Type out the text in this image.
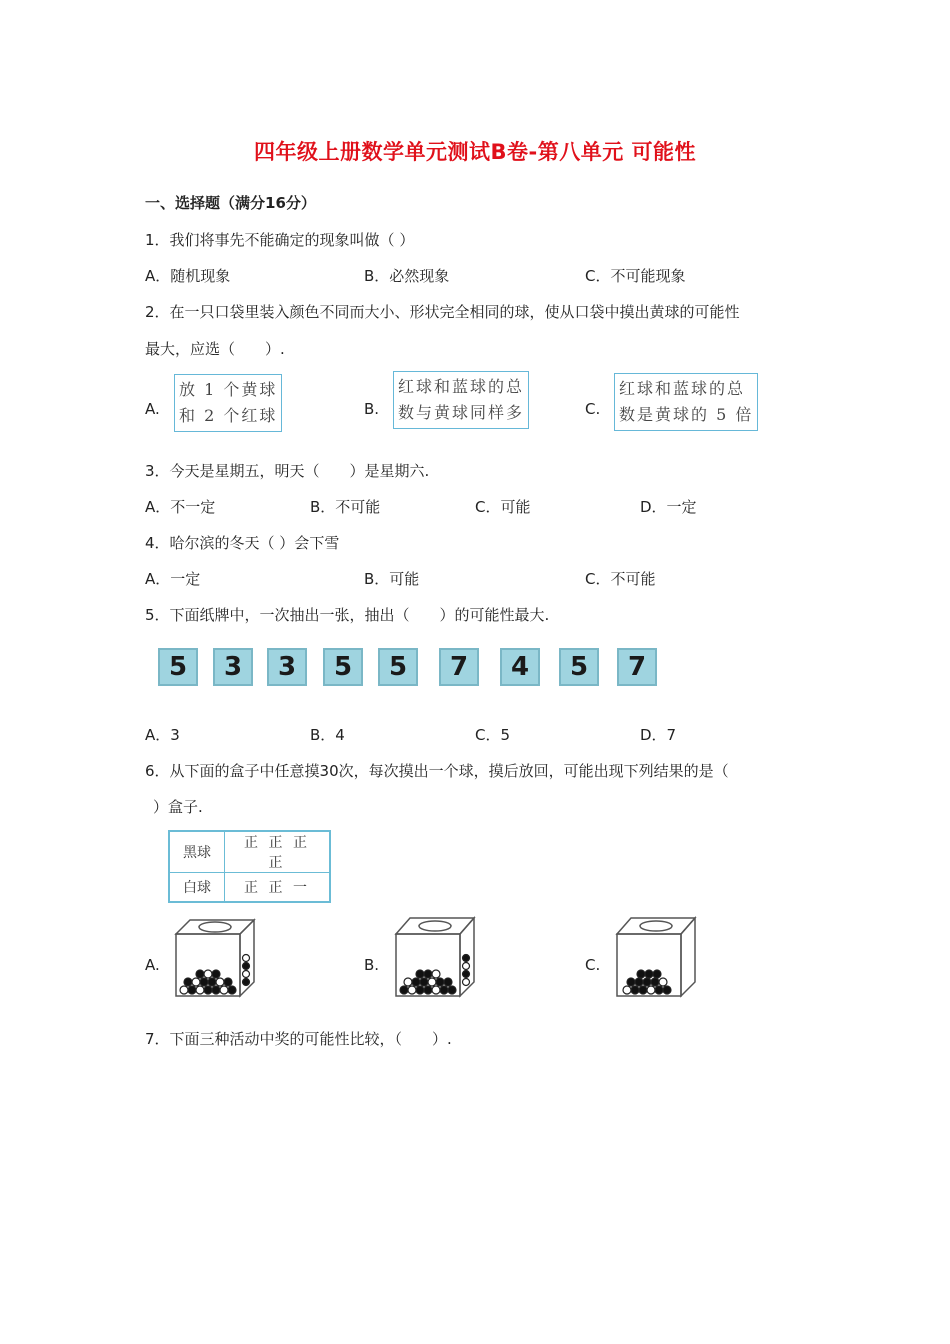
四年级上册数学单元测试B卷-第八单元 可能性
一、选择题（满分16分）
1．我们将事先不能确定的现象叫做（ ）
A．随机现象	B．必然现象	C．不可能现象
2．在一只口袋里装入颜色不同而大小、形状完全相同的球，使从口袋中摸出黄球的可能性
最大，应选（　　）.
A.
放 1 个黄球
和 2 个红球	B.
红球和蓝球的总
数与黄球同样多	C.
红球和蓝球的总
数是黄球的 5 倍
3．今天是星期五，明天（　　）是星期六.
A．不一定	B．不可能	C．可能	D．一定
4．哈尔滨的冬天（ ）会下雪
A．一定	B．可能	C．不可能
5．下面纸牌中，一次抽出一张，抽出（　　）的可能性最大.
5	3	3	5	5	7	4	5	7
A．3	B．4	C．5	D．7
6．从下面的盒子中任意摸30次，每次摸出一个球，摸后放回，可能出现下列结果的是（
）盒子.
黑球	正 正 正 正
白球	正 正 一
A.	B.	C.
7．下面三种活动中奖的可能性比较，（　　）.
